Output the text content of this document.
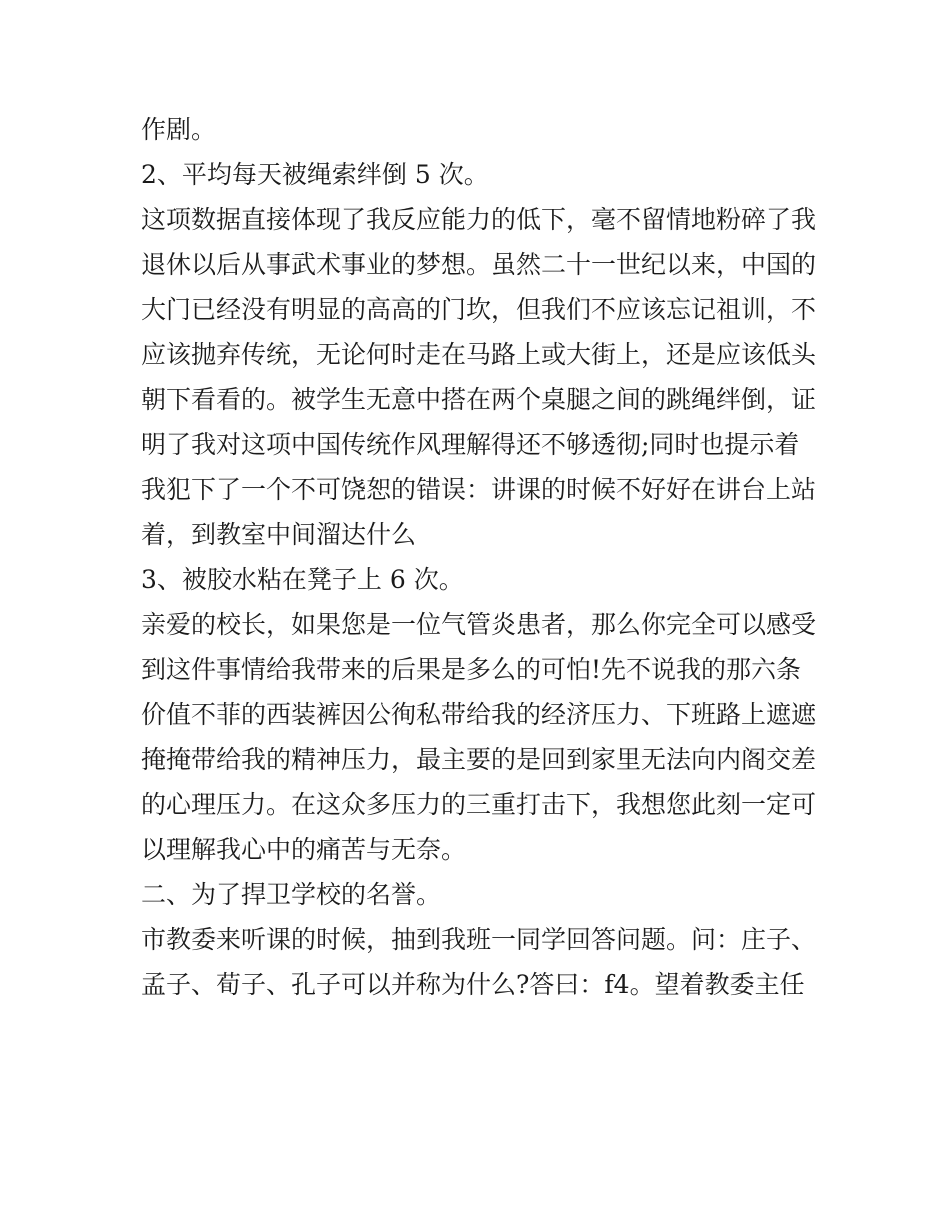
作剧。
2、平均每天被绳索绊倒 5 次。
这项数据直接体现了我反应能力的低下，毫不留情地粉碎了我
退休以后从事武术事业的梦想。虽然二十一世纪以来，中国的
大门已经没有明显的高高的门坎，但我们不应该忘记祖训，不
应该抛弃传统，无论何时走在马路上或大街上，还是应该低头
朝下看看的。被学生无意中搭在两个桌腿之间的跳绳绊倒，证
明了我对这项中国传统作风理解得还不够透彻;同时也提示着
我犯下了一个不可饶恕的错误：讲课的时候不好好在讲台上站
着，到教室中间溜达什么
3、被胶水粘在凳子上 6 次。
亲爱的校长，如果您是一位气管炎患者，那么你完全可以感受
到这件事情给我带来的后果是多么的可怕!先不说我的那六条
价值不菲的西装裤因公徇私带给我的经济压力、下班路上遮遮
掩掩带给我的精神压力，最主要的是回到家里无法向内阁交差
的心理压力。在这众多压力的三重打击下，我想您此刻一定可
以理解我心中的痛苦与无奈。
二、为了捍卫学校的名誉。
市教委来听课的时候，抽到我班一同学回答问题。问：庄子、
孟子、荀子、孔子可以并称为什么?答曰：f4。望着教委主任
